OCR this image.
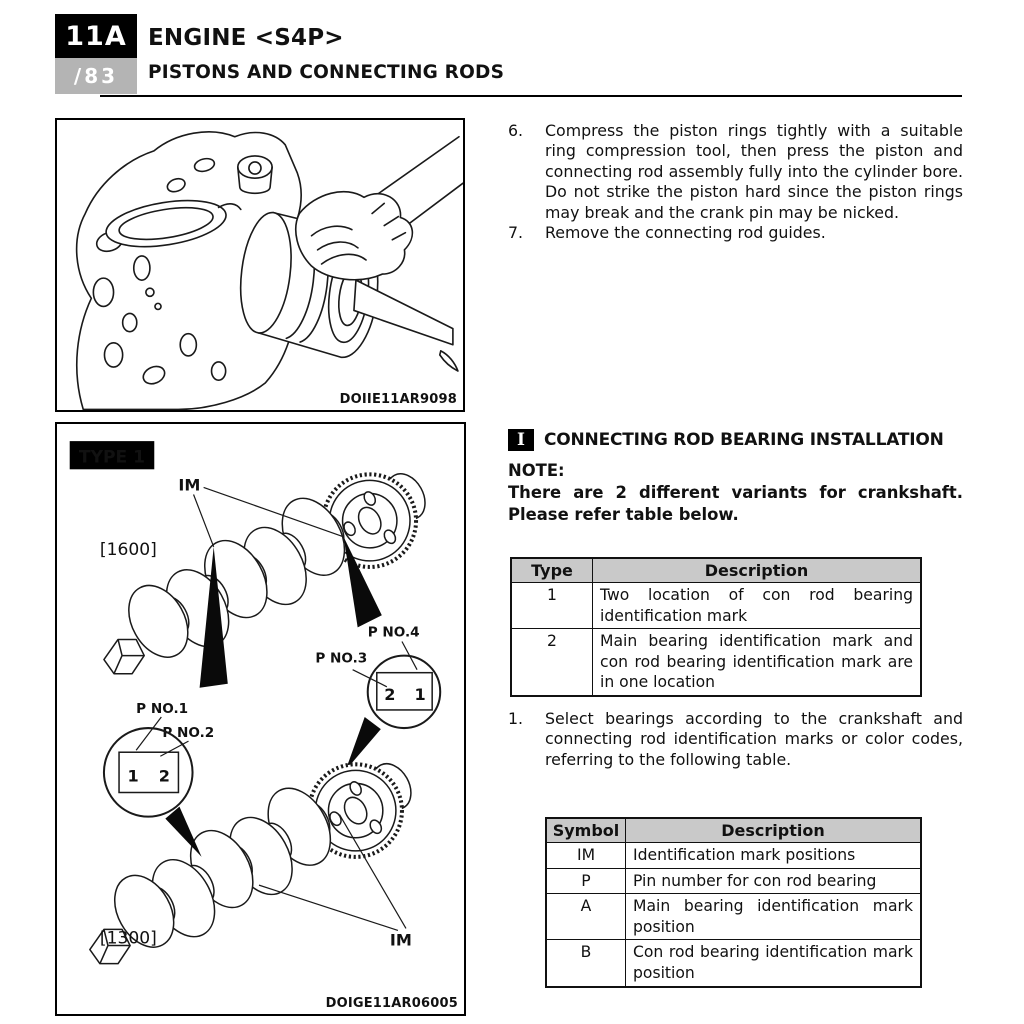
11A
/83
ENGINE <S4P>
PISTONS AND CONNECTING RODS
DOIIE11AR9098
TYPE 1
IM
[1600]
P NO.4
P NO.3
2 1
P NO.1
P NO.2
1 2
[1300]	IM
DOIGE11AR06005
6.	Compress the piston rings tightly with a suitable ring compression tool, then press the piston and connecting rod assembly fully into the cylinder bore. Do not strike the piston hard since the piston rings may break and the crank pin may be nicked.
7.	Remove the connecting rod guides.
I	CONNECTING ROD BEARING INSTALLATION
NOTE:
There are 2 different variants for crankshaft.
Please refer table below.
Type	Description
1	Two location of con rod bearing identification mark
2	Main bearing identification mark and con rod bearing identification mark are in one location
1.	Select bearings according to the crankshaft and connecting rod identification marks or color codes, referring to the following table.
Symbol	Description
IM	Identification mark positions
P	Pin number for con rod bearing
A	Main bearing identification mark position
B	Con rod bearing identification mark position
